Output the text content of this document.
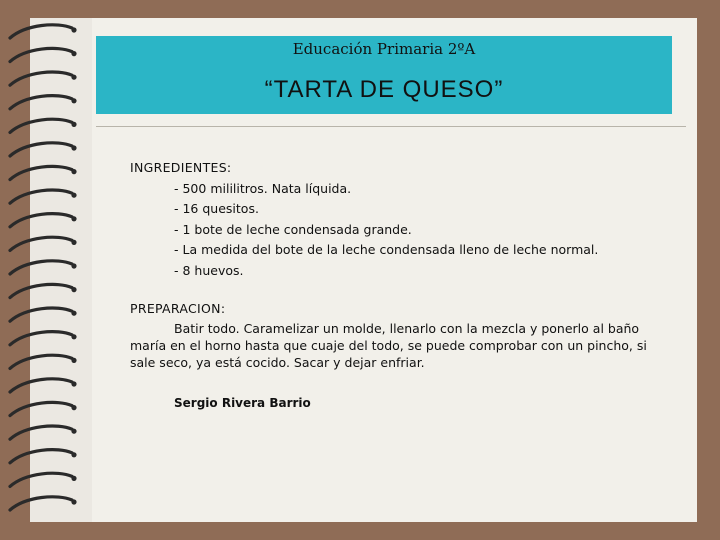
Educación Primaria 2ºA
“TARTA DE QUESO”
INGREDIENTES:
- 500 mililitros. Nata líquida.
- 16 quesitos.
- 1 bote de leche condensada grande.
- La medida del bote de la leche condensada lleno de leche normal.
- 8 huevos.
PREPARACION:
Batir todo. Caramelizar un molde, llenarlo con la mezcla y ponerlo al baño maría en el horno hasta que cuaje del todo, se puede comprobar con un pincho, si sale seco, ya está cocido. Sacar y dejar enfriar.
Sergio Rivera Barrio
